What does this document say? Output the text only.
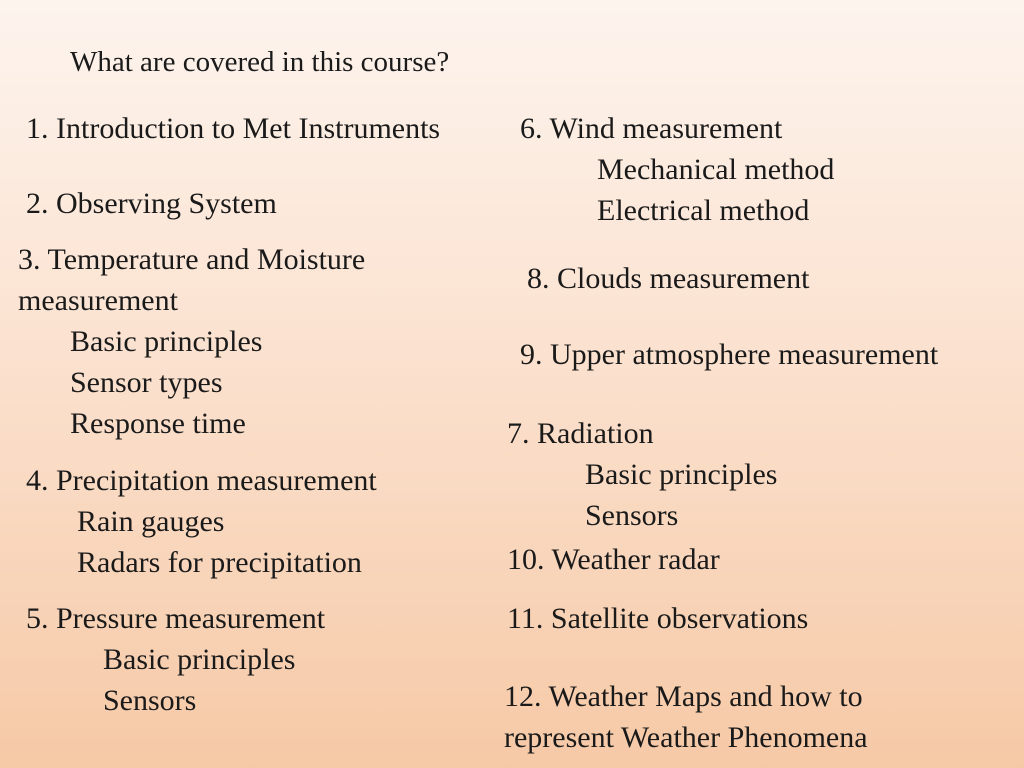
What are covered in this course?
1. Introduction to Met Instruments
2. Observing System
3. Temperature and Moisture
measurement
Basic principles
Sensor types
Response time
4. Precipitation measurement
Rain gauges
Radars for precipitation
5. Pressure measurement
Basic principles
Sensors
6. Wind measurement
Mechanical method
Electrical method
8. Clouds measurement
9. Upper atmosphere measurement
7. Radiation
Basic principles
Sensors
10. Weather radar
11. Satellite observations
12. Weather Maps and how to
represent Weather Phenomena
